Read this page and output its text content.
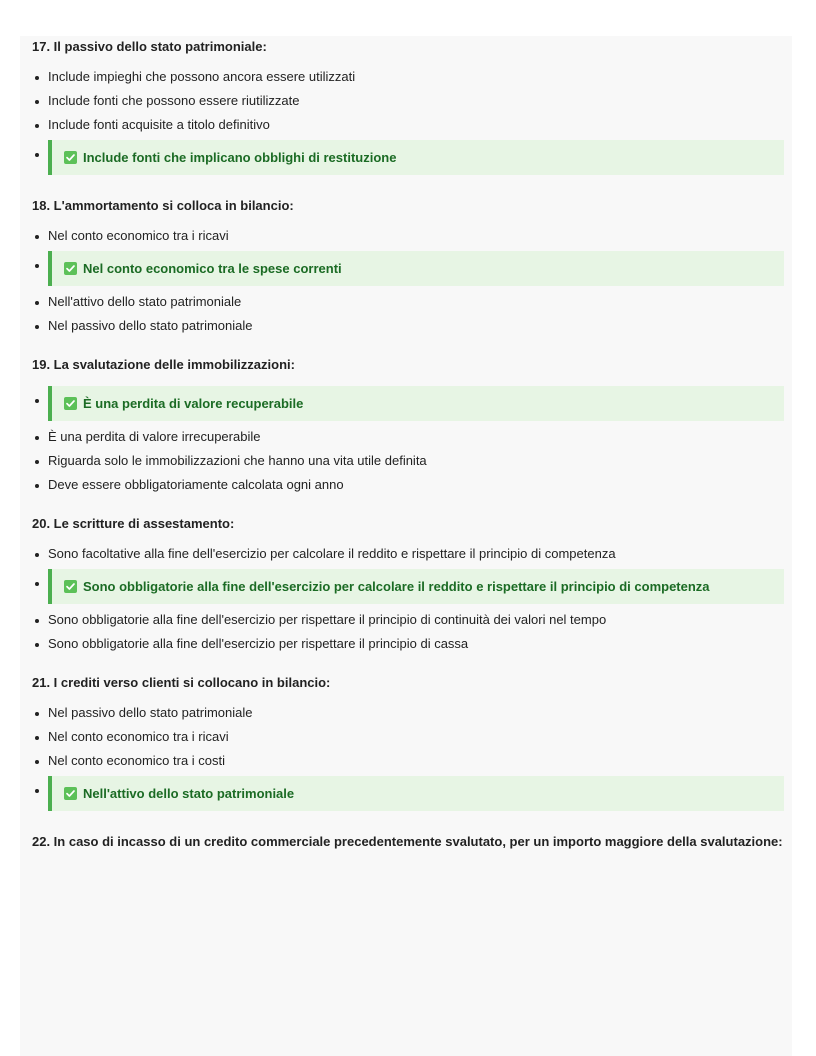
17. Il passivo dello stato patrimoniale:

Include impieghi che possono ancora essere utilizzati
Include fonti che possono essere riutilizzate
Include fonti acquisite a titolo definitivo
Include fonti che implicano obblighi di restituzione

18. L'ammortamento si colloca in bilancio:

Nel conto economico tra i ricavi
Nel conto economico tra le spese correnti
Nell'attivo dello stato patrimoniale
Nel passivo dello stato patrimoniale

19. La svalutazione delle immobilizzazioni:

È una perdita di valore recuperabile
È una perdita di valore irrecuperabile
Riguarda solo le immobilizzazioni che hanno una vita utile definita
Deve essere obbligatoriamente calcolata ogni anno

20. Le scritture di assestamento:

Sono facoltative alla fine dell'esercizio per calcolare il reddito e rispettare il principio di competenza
Sono obbligatorie alla fine dell'esercizio per calcolare il reddito e rispettare il principio di competenza
Sono obbligatorie alla fine dell'esercizio per rispettare il principio di continuità dei valori nel tempo
Sono obbligatorie alla fine dell'esercizio per rispettare il principio di cassa

21. I crediti verso clienti si collocano in bilancio:

Nel passivo dello stato patrimoniale
Nel conto economico tra i ricavi
Nel conto economico tra i costi
Nell'attivo dello stato patrimoniale

22. In caso di incasso di un credito commerciale precedentemente svalutato, per un importo maggiore della svalutazione:
